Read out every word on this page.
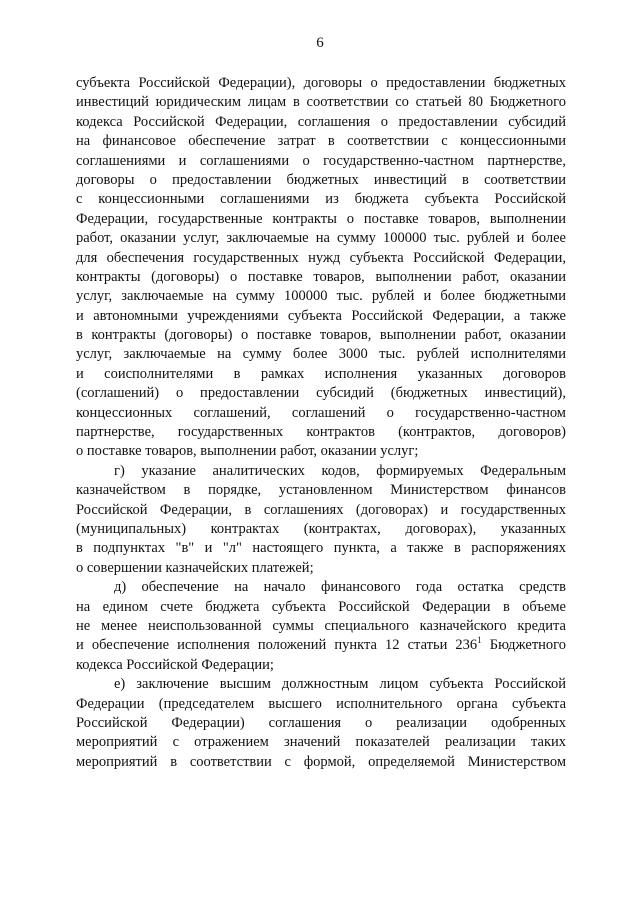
6
субъекта Российской Федерации), договоры о предоставлении бюджетных
инвестиций юридическим лицам в соответствии со статьей 80 Бюджетного
кодекса Российской Федерации, соглашения о предоставлении субсидий
на финансовое обеспечение затрат в соответствии с концессионными
соглашениями и соглашениями о государственно-частном партнерстве,
договоры о предоставлении бюджетных инвестиций в соответствии
с концессионными соглашениями из бюджета субъекта Российской
Федерации, государственные контракты о поставке товаров, выполнении
работ, оказании услуг, заключаемые на сумму 100000 тыс. рублей и более
для обеспечения государственных нужд субъекта Российской Федерации,
контракты (договоры) о поставке товаров, выполнении работ, оказании
услуг, заключаемые на сумму 100000 тыс. рублей и более бюджетными
и автономными учреждениями субъекта Российской Федерации, а также
в контракты (договоры) о поставке товаров, выполнении работ, оказании
услуг, заключаемые на сумму более 3000 тыс. рублей исполнителями
и соисполнителями в рамках исполнения указанных договоров
(соглашений) о предоставлении субсидий (бюджетных инвестиций),
концессионных соглашений, соглашений о государственно-частном
партнерстве, государственных контрактов (контрактов, договоров)
о поставке товаров, выполнении работ, оказании услуг;
г) указание аналитических кодов, формируемых Федеральным
казначейством в порядке, установленном Министерством финансов
Российской Федерации, в соглашениях (договорах) и государственных
(муниципальных) контрактах (контрактах, договорах), указанных
в подпунктах "в" и "л" настоящего пункта, а также в распоряжениях
о совершении казначейских платежей;
д) обеспечение на начало финансового года остатка средств
на едином счете бюджета субъекта Российской Федерации в объеме
не менее неиспользованной суммы специального казначейского кредита
и обеспечение исполнения положений пункта 12 статьи $236^1$ Бюджетного
кодекса Российской Федерации;
е) заключение высшим должностным лицом субъекта Российской
Федерации (председателем высшего исполнительного органа субъекта
Российской Федерации) соглашения о реализации одобренных
мероприятий с отражением значений показателей реализации таких
мероприятий в соответствии с формой, определяемой Министерством
